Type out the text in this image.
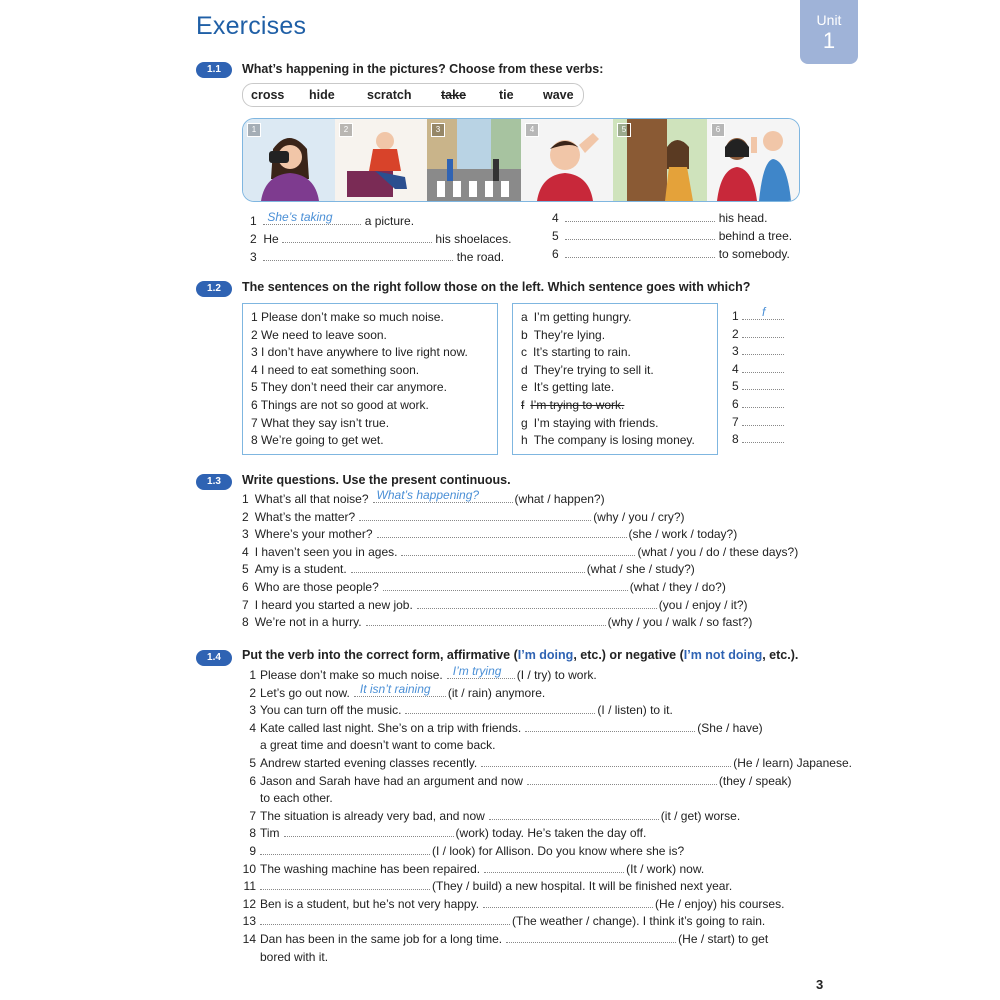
Exercises	Unit
1
1.1	What’s happening in the pictures? Choose from these verbs:
cross hide	scratch take	tie wave
1	2	3	4	5	6
1 She’s taking	a picture.
2 He	his shoelaces.
3	the road.
4	his head.
5	behind a tree.
6	to somebody.
1.2	The sentences on the right follow those on the left. Which sentence goes with which?
1 Please don’t make so much noise.
2 We need to leave soon.
3 I don’t have anywhere to live right now.
4 I need to eat something soon.
5 They don’t need their car anymore.
6 Things are not so good at work.
7 What they say isn’t true.
8 We’re going to get wet.
a I’m getting hungry.
b They’re lying.
c It’s starting to rain.
d They’re trying to sell it.
e It’s getting late.
f I’m trying to work.
g I’m staying with friends.
h The company is losing money.
1 f
2
3
4
5
6
7
8
1.3	Write questions. Use the present continuous.
1 What’s all that noise? What’s happening?	(what / happen?)
2 What’s the matter?	(why / you / cry?)
3 Where’s your mother?	(she / work / today?)
4 I haven’t seen you in ages.	(what / you / do / these days?)
5 Amy is a student.	(what / she / study?)
6 Who are those people?	(what / they / do?)
7 I heard you started a new job.	(you / enjoy / it?)
8 We’re not in a hurry.	(why / you / walk / so fast?)
1.4	Put the verb into the correct form, affirmative (I’m doing, etc.) or negative (I’m not doing, etc.).
1 Please don’t make so much noise. I’m trying (I / try) to work.
2 Let’s go out now. It isn’t raining (it / rain) anymore.
3 You can turn off the music.	(I / listen) to it.
4 Kate called last night. She’s on a trip with friends.	(She / have)
a great time and doesn’t want to come back.
5 Andrew started evening classes recently.	(He / learn) Japanese.
6 Jason and Sarah have had an argument and now	(they / speak)
to each other.
7 The situation is already very bad, and now	(it / get) worse.
8 Tim	(work) today. He’s taken the day off.
9	(I / look) for Allison. Do you know where she is?
10 The washing machine has been repaired.	(It / work) now.
11	(They / build) a new hospital. It will be finished next year.
12 Ben is a student, but he’s not very happy.	(He / enjoy) his courses.
13	(The weather / change). I think it’s going to rain.
14 Dan has been in the same job for a long time.	(He / start) to get
bored with it.
3
